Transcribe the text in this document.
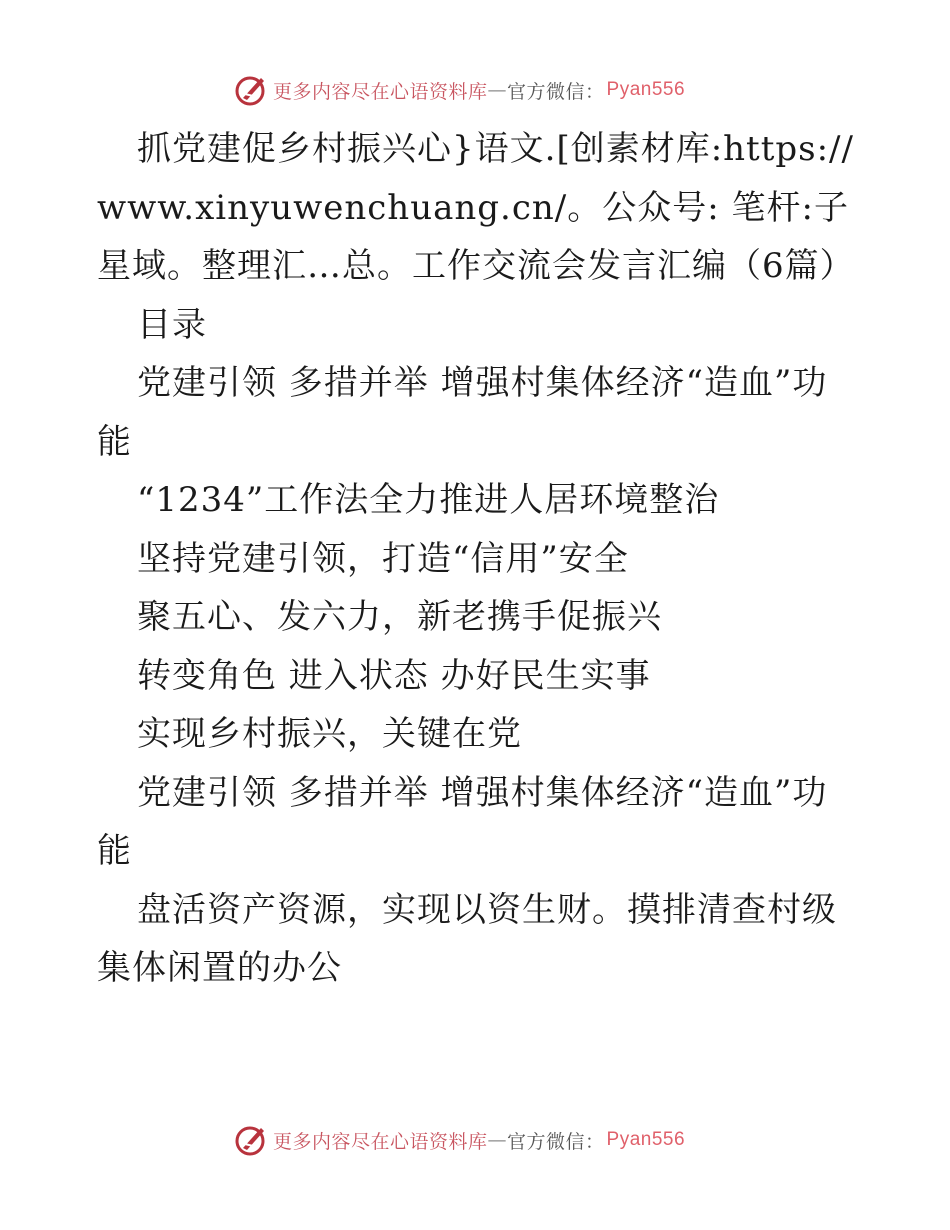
更多内容尽在心语资料库 — 官方微信： Pyan556

抓党建促乡村振兴心}语文.[创素材库:https://www.xinyuwenchuang.cn/。公众号: 笔杆:子星域。整理汇…总。工作交流会发言汇编（6篇）

目录

党建引领 多措并举 增强村集体经济“造血”功能

“1234”工作法全力推进人居环境整治

坚持党建引领，打造“信用”安全

聚五心、发六力，新老携手促振兴

转变角色 进入状态 办好民生实事

实现乡村振兴，关键在党

党建引领 多措并举 增强村集体经济“造血”功能

盘活资产资源，实现以资生财。摸排清查村级集体闲置的办公

更多内容尽在心语资料库 — 官方微信： Pyan556
